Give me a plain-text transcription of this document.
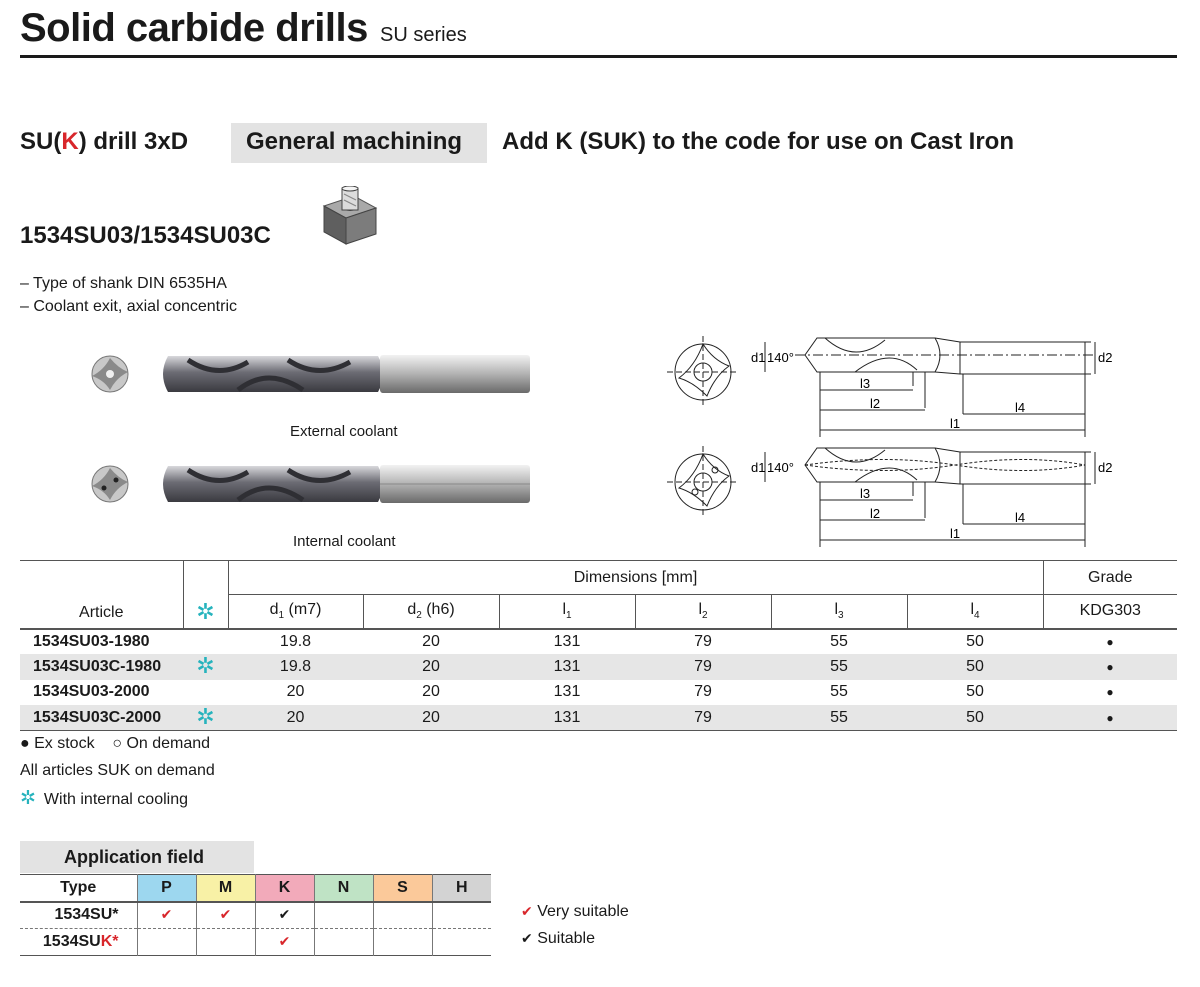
Solid carbide drills SU series
SU(K) drill 3xD General machining Add K (SUK) to the code for use on Cast Iron
1534SU03/1534SU03C
– Type of shank DIN 6535HA
– Coolant exit, axial concentric
External coolant
Internal coolant
140°
d1	d2
l3
l2	l4
l1
140°
d1	d2
l3
l2	l4
l1
Article	✲	Dimensions [mm]						Grade
		$d_1$ (m7)	$d_2$ (h6)	$l_1$	$l_2$	$l_3$	$l_4$	KDG303
1534SU03-1980		19.8	20	131	79	55	50	●
1534SU03C-1980	✲	19.8	20	131	79	55	50	●
1534SU03-2000		20	20	131	79	55	50	●
1534SU03C-2000	✲	20	20	131	79	55	50	●
● Ex stock ○ On demand
All articles SUK on demand
✲ With internal cooling
Application field
Type	P	M	K	N	S	H
1534SU*	✔	✔	✔			
1534SUK*			✔			
✔ Very suitable
✔ Suitable
